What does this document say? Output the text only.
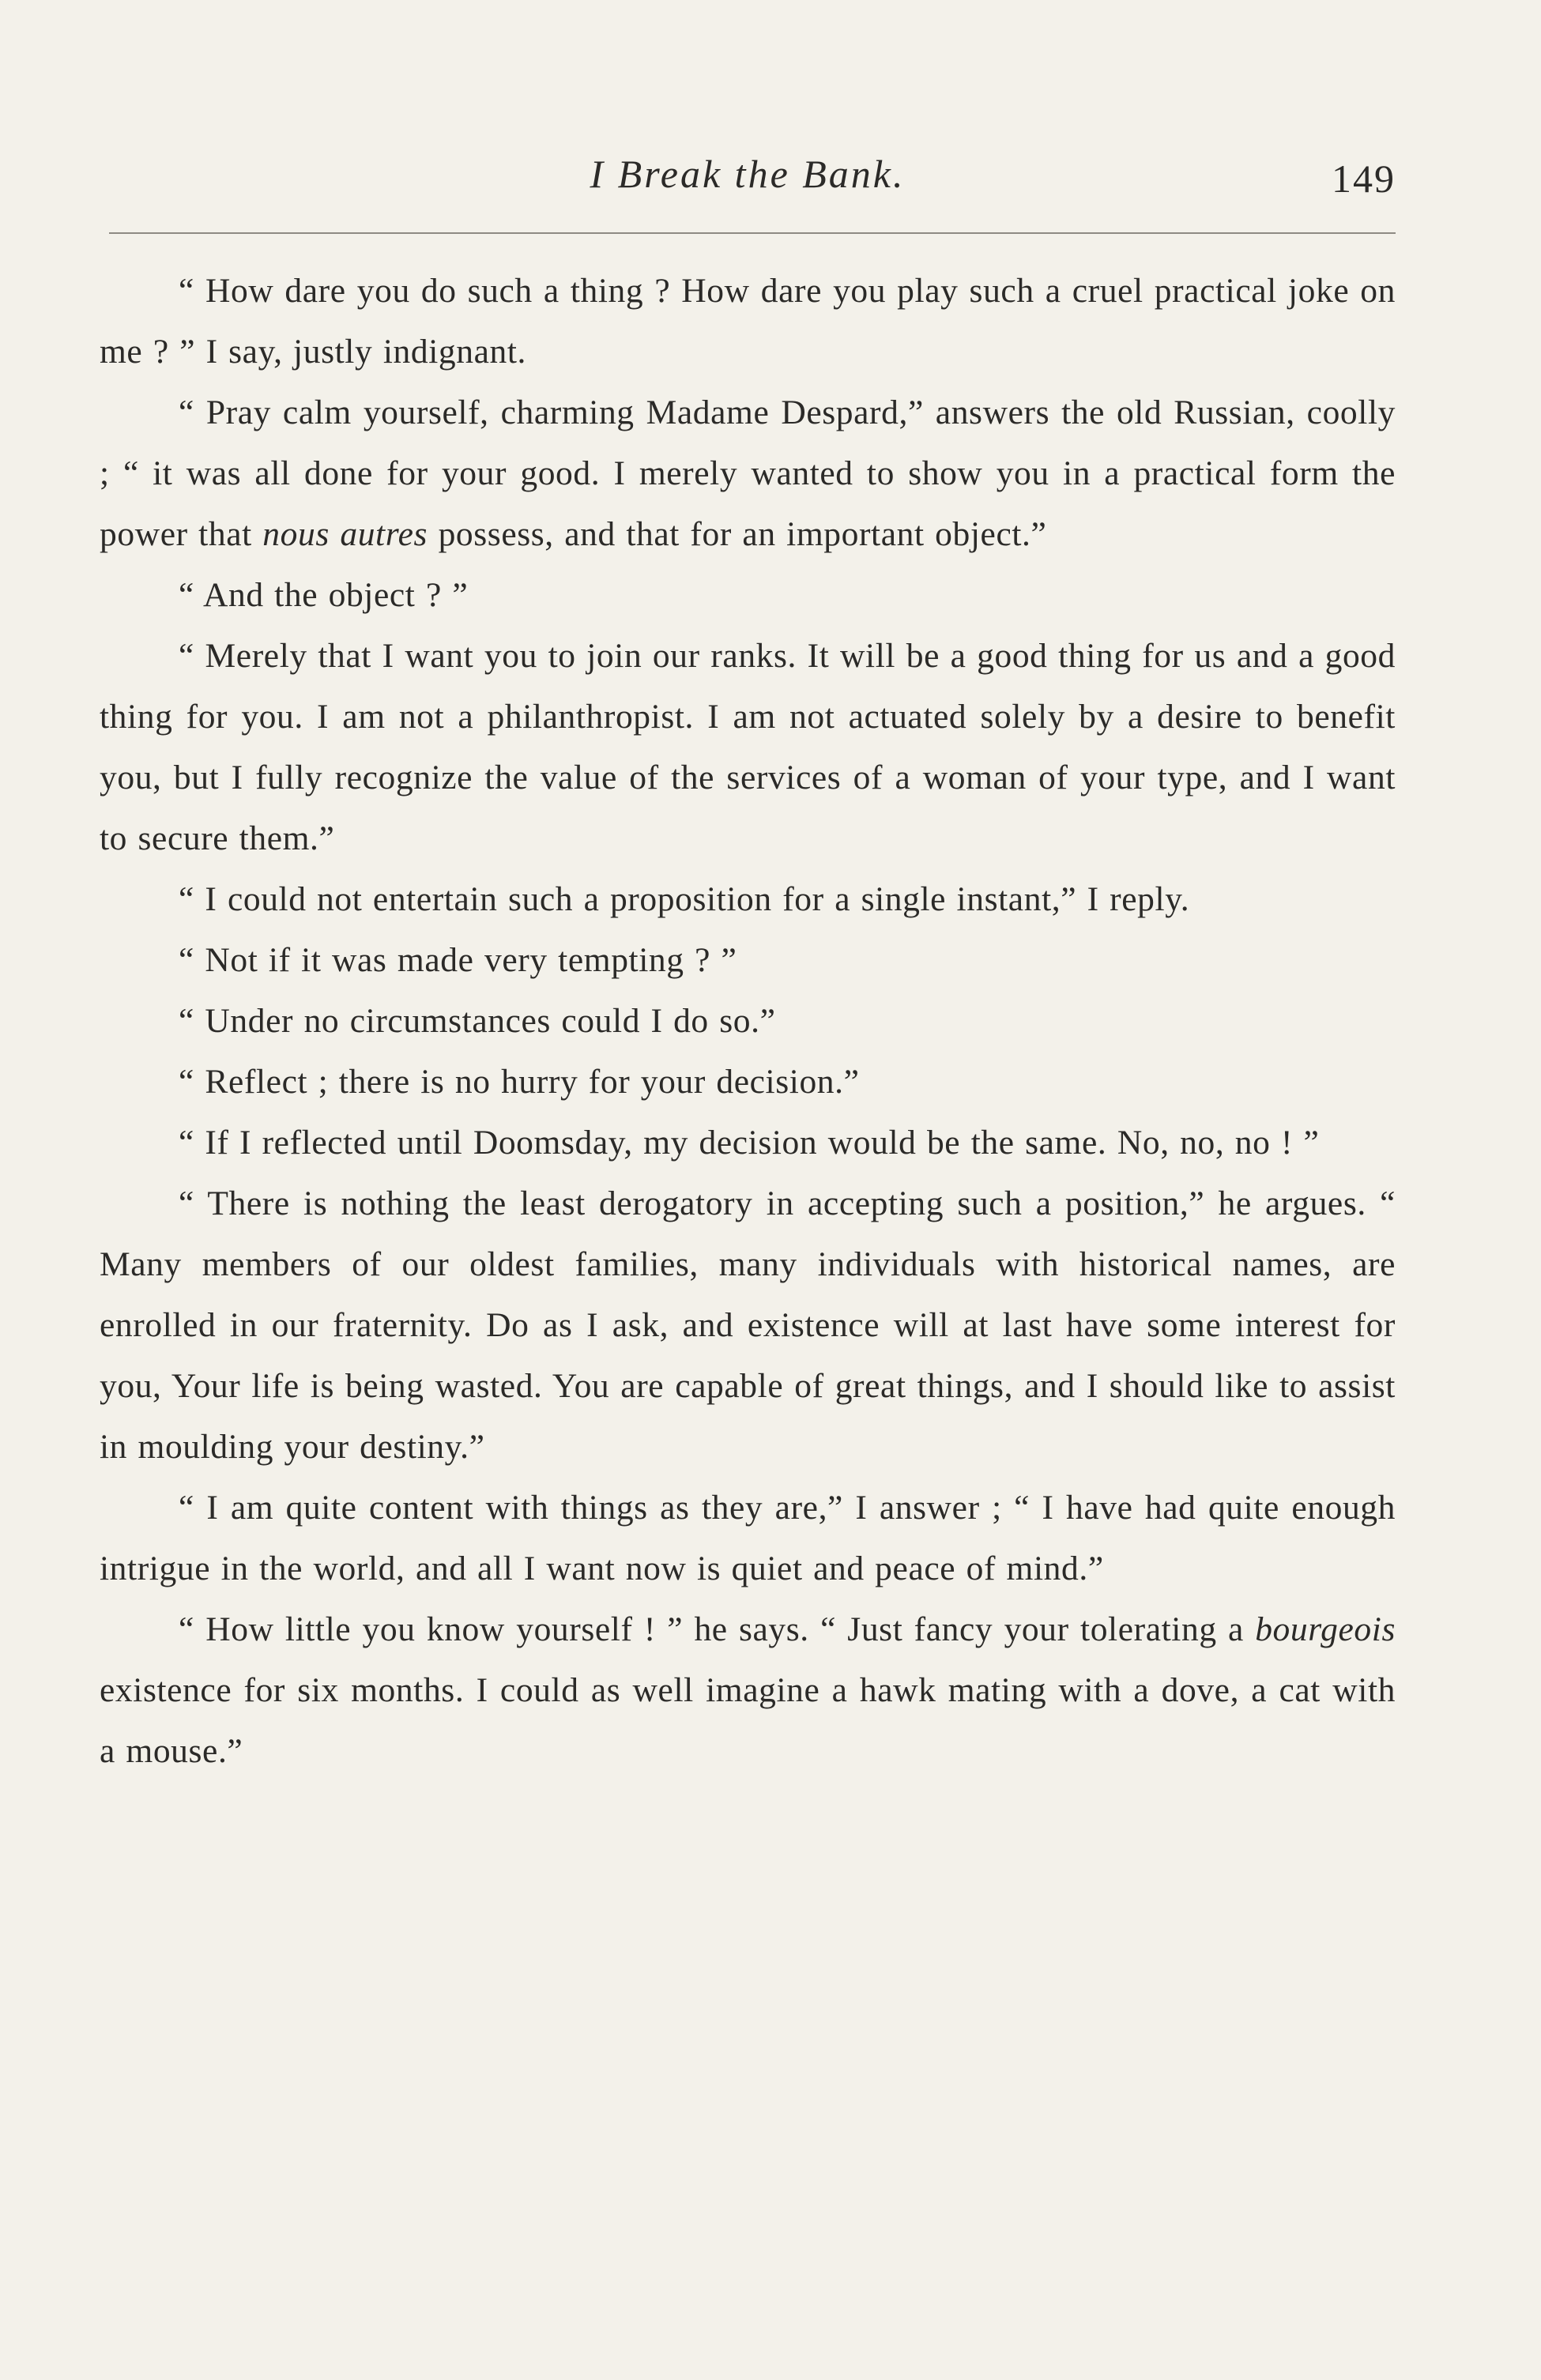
I Break the Bank.	149

“ How dare you do such a thing ? How dare you play such a cruel practical joke on me ? ” I say, justly indignant.

“ Pray calm yourself, charming Madame Despard,” answers the old Russian, coolly ; “ it was all done for your good. I merely wanted to show you in a practical form the power that nous autres possess, and that for an important object.”

“ And the object ? ”

“ Merely that I want you to join our ranks. It will be a good thing for us and a good thing for you. I am not a philanthropist. I am not actuated solely by a desire to benefit you, but I fully recognize the value of the services of a woman of your type, and I want to secure them.”

“ I could not entertain such a proposition for a single instant,” I reply.

“ Not if it was made very tempting ? ”

“ Under no circumstances could I do so.”

“ Reflect ; there is no hurry for your decision.”

“ If I reflected until Doomsday, my decision would be the same. No, no, no ! ”

“ There is nothing the least derogatory in accepting such a position,” he argues. “ Many members of our oldest families, many individuals with historical names, are enrolled in our fraternity. Do as I ask, and existence will at last have some interest for you, Your life is being wasted. You are capable of great things, and I should like to assist in moulding your destiny.”

“ I am quite content with things as they are,” I answer ; “ I have had quite enough intrigue in the world, and all I want now is quiet and peace of mind.”

“ How little you know yourself ! ” he says. “ Just fancy your tolerating a bourgeois existence for six months. I could as well imagine a hawk mating with a dove, a cat with a mouse.”
